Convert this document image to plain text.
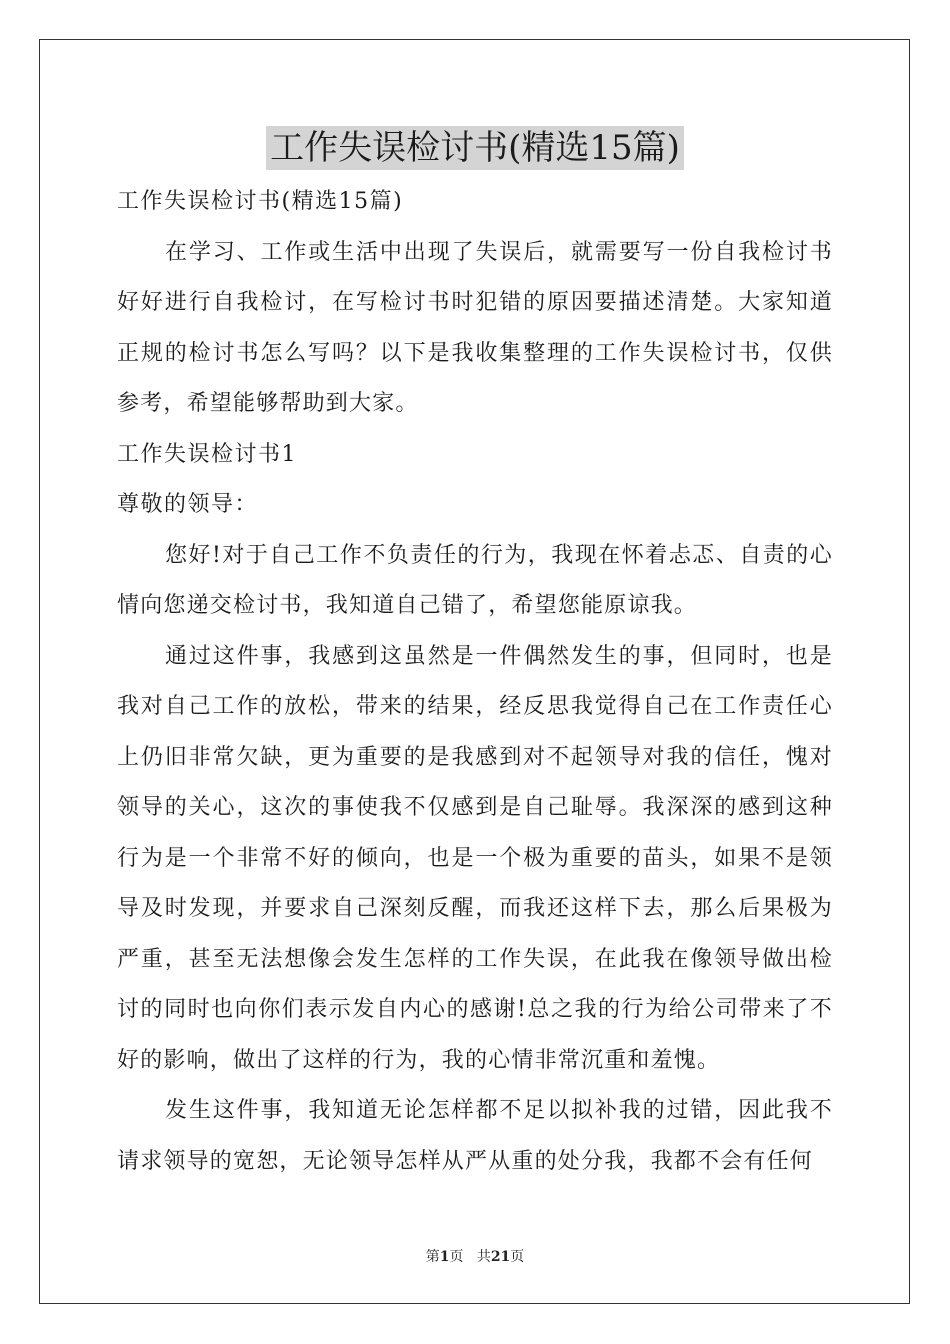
工作失误检讨书(精选15篇)

工作失误检讨书(精选15篇)

在学习、工作或生活中出现了失误后，就需要写一份自我检讨书好好进行自我检讨，在写检讨书时犯错的原因要描述清楚。大家知道正规的检讨书怎么写吗？以下是我收集整理的工作失误检讨书，仅供参考，希望能够帮助到大家。

工作失误检讨书1

尊敬的领导：

您好!对于自己工作不负责任的行为，我现在怀着忐忑、自责的心情向您递交检讨书，我知道自己错了，希望您能原谅我。

通过这件事，我感到这虽然是一件偶然发生的事，但同时，也是我对自己工作的放松，带来的结果，经反思我觉得自己在工作责任心上仍旧非常欠缺，更为重要的是我感到对不起领导对我的信任，愧对领导的关心，这次的事使我不仅感到是自己耻辱。我深深的感到这种行为是一个非常不好的倾向，也是一个极为重要的苗头，如果不是领导及时发现，并要求自己深刻反醒，而我还这样下去，那么后果极为严重，甚至无法想像会发生怎样的工作失误，在此我在像领导做出检讨的同时也向你们表示发自内心的感谢!总之我的行为给公司带来了不好的影响，做出了这样的行为，我的心情非常沉重和羞愧。

发生这件事，我知道无论怎样都不足以拟补我的过错，因此我不请求领导的宽恕，无论领导怎样从严从重的处分我，我都不会有任何

第1页 共21页
